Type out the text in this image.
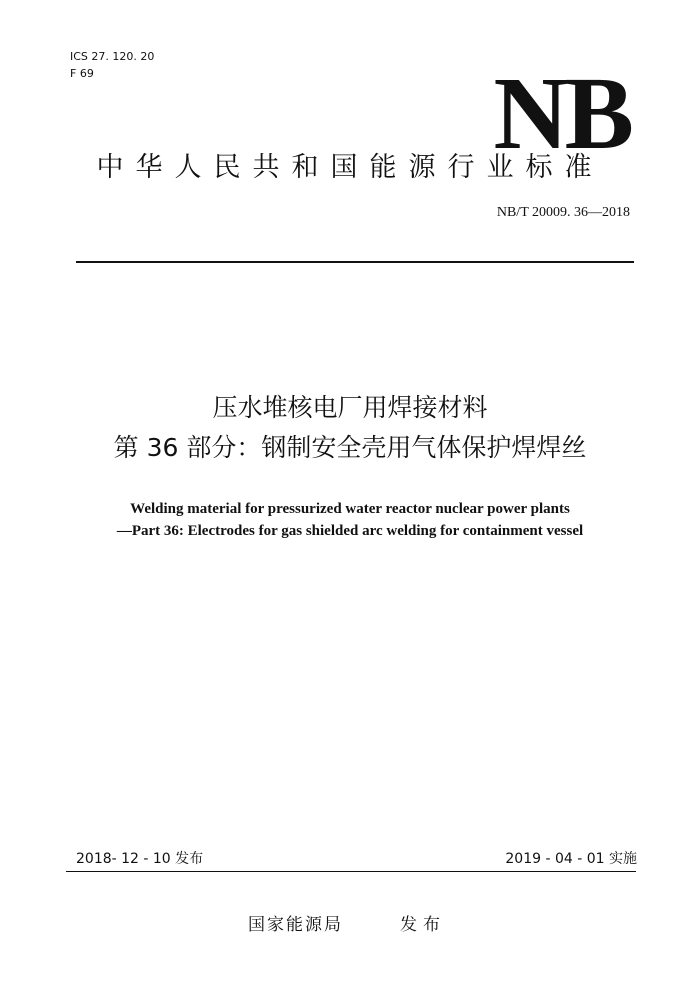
ICS 27. 120. 20
F 69	NB
中华人民共和国能源行业标准
NB/T 20009. 36—2018
压水堆核电厂用焊接材料
第 36 部分：钢制安全壳用气体保护焊焊丝
Welding material for pressurized water reactor nuclear power plants
—Part 36: Electrodes for gas shielded arc welding for containment vessel
2018- 12 - 10 发布	2019 - 04 - 01 实施
国家能源局	发布
